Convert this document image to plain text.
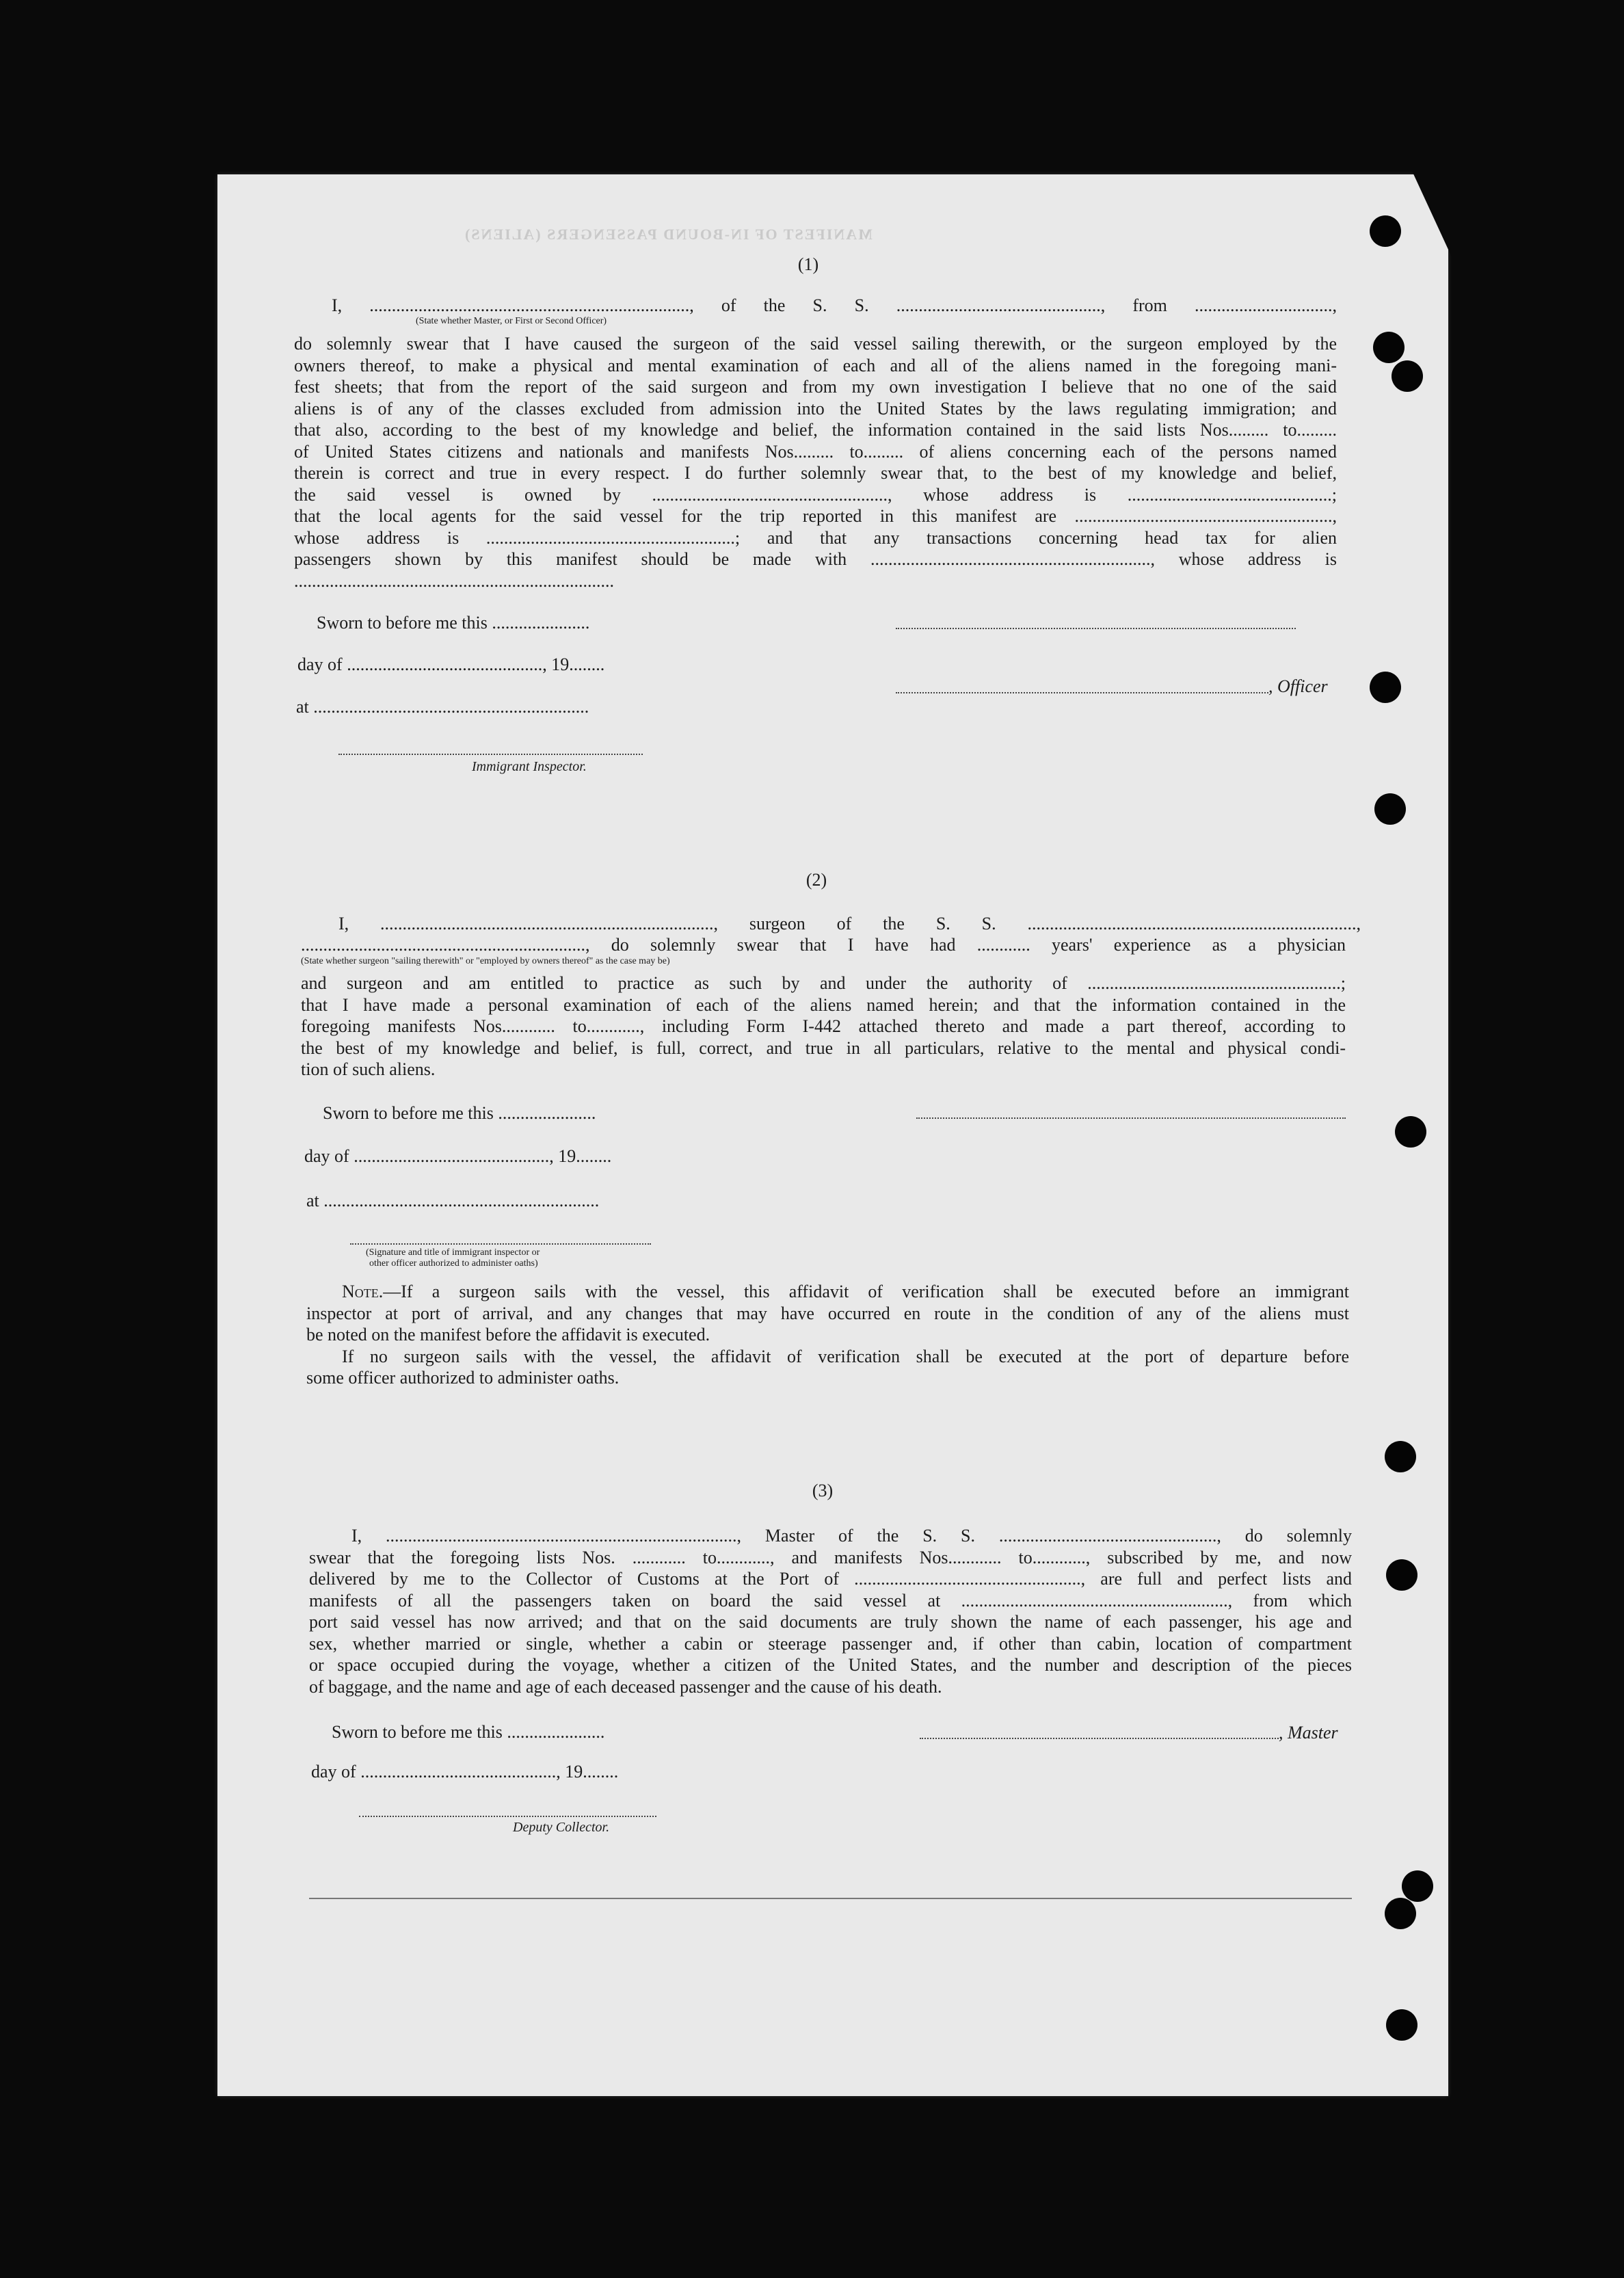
MANIFEST OF IN-BOUND PASSENGERS (ALIENS)
(1)
I, ........................................................................, of the S. S. .............................................., from ...............................,
(State whether Master, or First or Second Officer)
do solemnly swear that I have caused the surgeon of the said vessel sailing therewith, or the surgeon employed by the
owners thereof, to make a physical and mental examination of each and all of the aliens named in the foregoing mani-
fest sheets; that from the report of the said surgeon and from my own investigation I believe that no one of the said
aliens is of any of the classes excluded from admission into the United States by the laws regulating immigration; and
that also, according to the best of my knowledge and belief, the information contained in the said lists Nos......... to.........
of United States citizens and nationals and manifests Nos......... to......... of aliens concerning each of the persons named
therein is correct and true in every respect. I do further solemnly swear that, to the best of my knowledge and belief,
the said vessel is owned by ....................................................., whose address is ..............................................;
that the local agents for the said vessel for the trip reported in this manifest are ..........................................................,
whose address is ........................................................; and that any transactions concerning head tax for alien
passengers shown by this manifest should be made with ..............................................................., whose address is
........................................................................
Sworn to before me this ......................
day of ............................................, 19........
, Officer
at ..............................................................
Immigrant Inspector.
(2)
I, ..........................................................................., surgeon of the S. S. ..........................................................................,
................................................................, do solemnly swear that I have had ............ years' experience as a physician
(State whether surgeon "sailing therewith" or "employed by owners thereof" as the case may be)
and surgeon and am entitled to practice as such by and under the authority of .........................................................;
that I have made a personal examination of each of the aliens named herein; and that the information contained in the
foregoing manifests Nos............ to............, including Form I-442 attached thereto and made a part thereof, according to
the best of my knowledge and belief, is full, correct, and true in all particulars, relative to the mental and physical condi-
tion of such aliens.
Sworn to before me this ......................
day of ............................................, 19........
at ..............................................................
(Signature and title of immigrant inspector or
other officer authorized to administer oaths)
Note.—If a surgeon sails with the vessel, this affidavit of verification shall be executed before an immigrant
inspector at port of arrival, and any changes that may have occurred en route in the condition of any of the aliens must
be noted on the manifest before the affidavit is executed.
If no surgeon sails with the vessel, the affidavit of verification shall be executed at the port of departure before
some officer authorized to administer oaths.
(3)
I, ..............................................................................., Master of the S. S. ................................................., do solemnly
swear that the foregoing lists Nos. ............ to............, and manifests Nos............ to............, subscribed by me, and now
delivered by me to the Collector of Customs at the Port of ..................................................., are full and perfect lists and
manifests of all the passengers taken on board the said vessel at ............................................................, from which
port said vessel has now arrived; and that on the said documents are truly shown the name of each passenger, his age and
sex, whether married or single, whether a cabin or steerage passenger and, if other than cabin, location of compartment
or space occupied during the voyage, whether a citizen of the United States, and the number and description of the pieces
of baggage, and the name and age of each deceased passenger and the cause of his death.
Sworn to before me this ......................	, Master
day of ............................................, 19........
Deputy Collector.
